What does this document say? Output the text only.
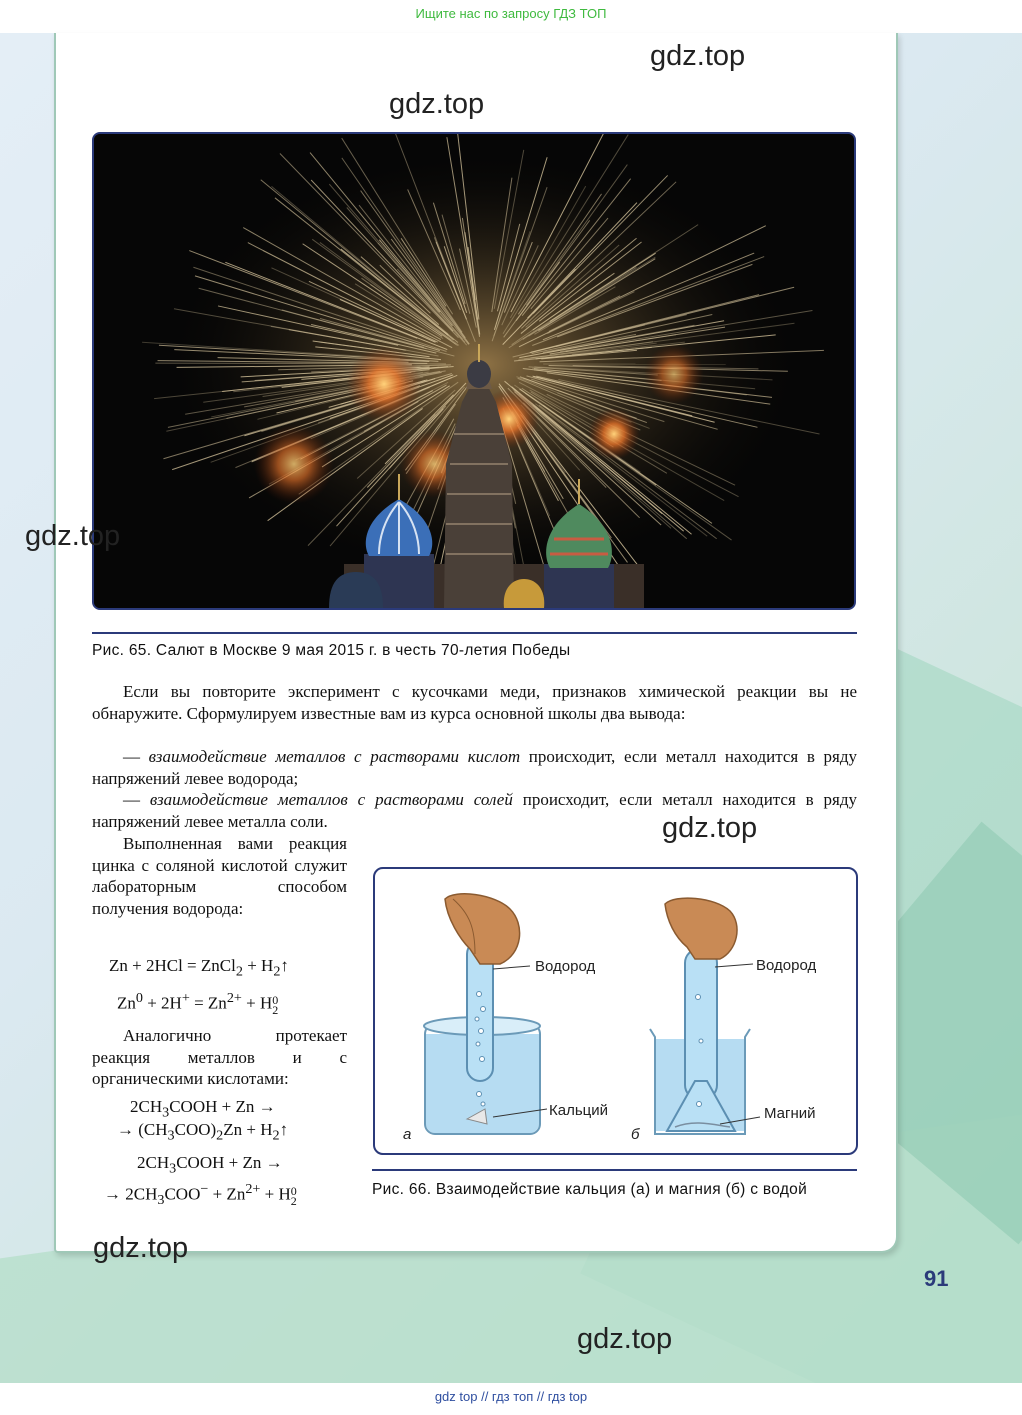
Ищите нас по запросу ГДЗ ТОП
Рис. 65. Салют в Москве 9 мая 2015 г. в честь 70-летия Победы
Если вы повторите эксперимент с кусочками меди, признаков химической реакции вы не обнаружите. Сформулируем известные вам из курса основной школы два вывода:
— взаимодействие металлов с растворами кислот происходит, если металл находится в ряду напряжений левее водорода;
— взаимодействие металлов с растворами солей происходит, если металл находится в ряду напряжений левее металла соли.
Выполненная вами реакция цинка с соляной кислотой служит лабораторным способом получения водорода:
Zn + 2HCl = ZnCl$_2$ + $H_2↑$
$Zn^0 + 2H^+ = Zn^{2+} + H$ 0
2
Аналогично протекает реакция металлов и с органическими кислотами:
$2CH_3COOH + Zn$ →
→ $(CH_3COO)_2Zn$ + $H_2↑$
$2CH_3COOH + Zn$ →
→ $2CH_3COO^- + Zn^{2+} + H$ 0
2
Водород
Кальций
а
Водород
Магний
б
Рис. 66. Взаимодействие кальция (а) и магния (б) с водой
gdz.top
gdz.top
gdz.top
gdz.top
gdz.top
gdz.top
91
gdz top // гдз топ // гдз top
